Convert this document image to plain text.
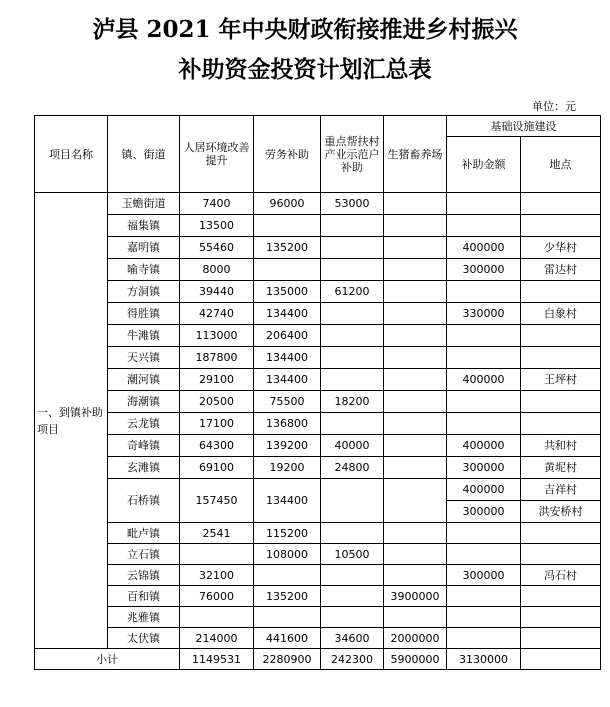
泸县 2021 年中央财政衔接推进乡村振兴
补助资金投资计划汇总表
单位：元
项目名称	镇、街道	人居环境改善提升	劳务补助	重点帮扶村产业示范户补助	生猪畜养场	基础设施建设	
						补助金额	地点
一、到镇补助项目	玉蟾街道	7400	96000	53000			
	福集镇	13500					
	嘉明镇	55460	135200			400000	少华村
	喻寺镇	8000				300000	雷达村
	方洞镇	39440	135000	61200			
	得胜镇	42740	134400			330000	白象村
	牛滩镇	113000	206400				
	天兴镇	187800	134400				
	潮河镇	29100	134400			400000	王坪村
	海潮镇	20500	75500	18200			
	云龙镇	17100	136800				
	奇峰镇	64300	139200	40000		400000	共和村
	玄滩镇	69100	19200	24800		300000	黄坭村
	石桥镇	157450	134400			400000	吉祥村
						300000	洪安桥村
	毗卢镇	2541	115200				
	立石镇		108000	10500			
	云锦镇	32100				300000	冯石村
	百和镇	76000	135200		3900000		
	兆雅镇						
	太伏镇	214000	441600	34600	2000000		
小计		1149531	2280900	242300	5900000	3130000	
